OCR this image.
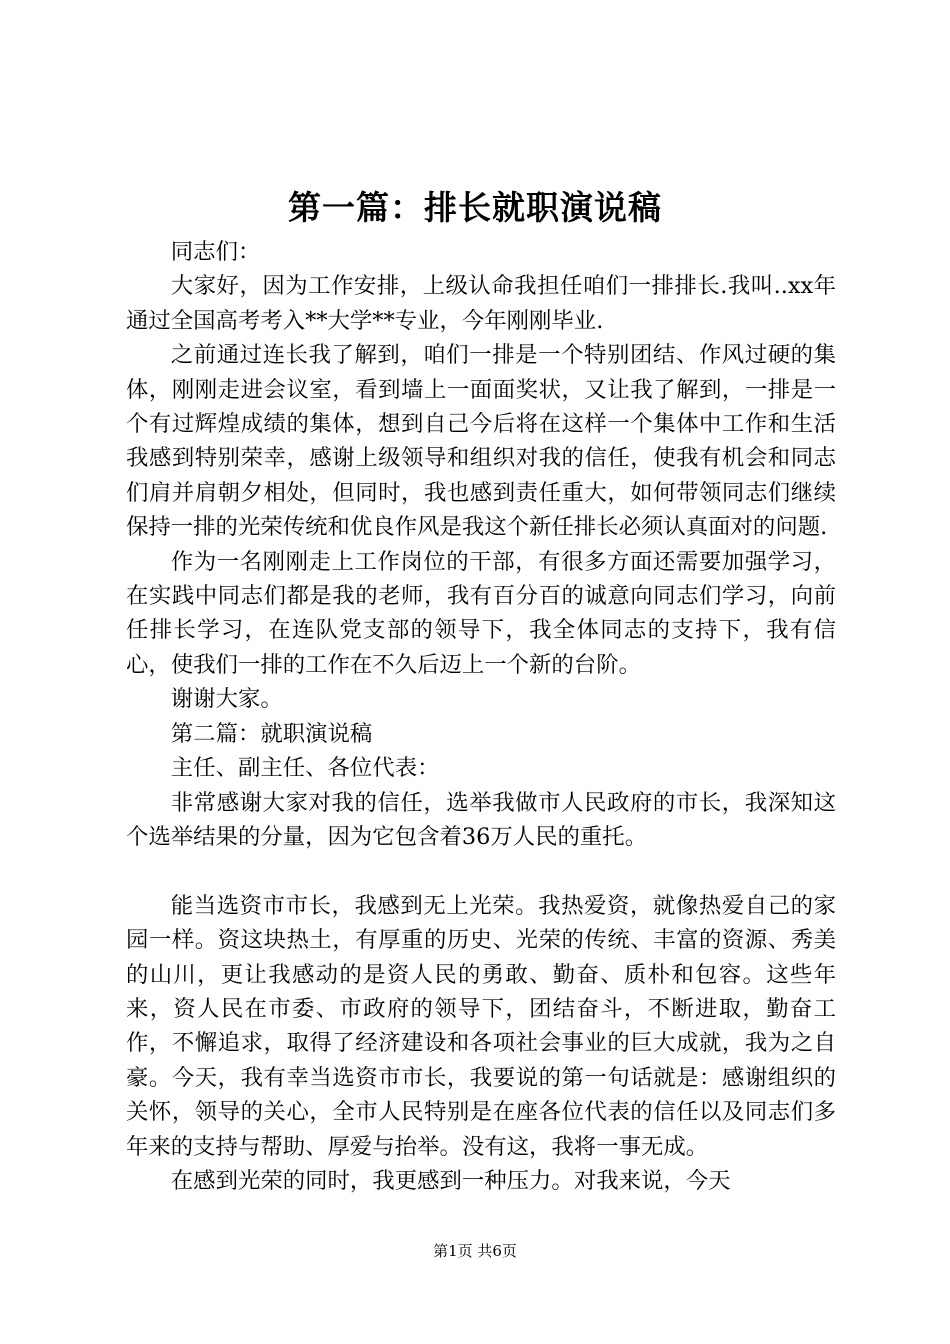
第一篇：排长就职演说稿

同志们：

大家好，因为工作安排，上级认命我担任咱们一排排长.我叫..xx年通过全国高考考入**大学**专业，今年刚刚毕业.

之前通过连长我了解到，咱们一排是一个特别团结、作风过硬的集体，刚刚走进会议室，看到墙上一面面奖状，又让我了解到，一排是一个有过辉煌成绩的集体，想到自己今后将在这样一个集体中工作和生活我感到特别荣幸，感谢上级领导和组织对我的信任，使我有机会和同志们肩并肩朝夕相处，但同时，我也感到责任重大，如何带领同志们继续保持一排的光荣传统和优良作风是我这个新任排长必须认真面对的问题.

作为一名刚刚走上工作岗位的干部，有很多方面还需要加强学习，在实践中同志们都是我的老师，我有百分百的诚意向同志们学习，向前任排长学习，在连队党支部的领导下，我全体同志的支持下，我有信心，使我们一排的工作在不久后迈上一个新的台阶。

谢谢大家。

第二篇：就职演说稿

主任、副主任、各位代表：

非常感谢大家对我的信任，选举我做市人民政府的市长，我深知这个选举结果的分量，因为它包含着36万人民的重托。

能当选资市市长，我感到无上光荣。我热爱资，就像热爱自己的家园一样。资这块热土，有厚重的历史、光荣的传统、丰富的资源、秀美的山川，更让我感动的是资人民的勇敢、勤奋、质朴和包容。这些年来，资人民在市委、市政府的领导下，团结奋斗，不断进取，勤奋工作，不懈追求，取得了经济建设和各项社会事业的巨大成就，我为之自豪。今天，我有幸当选资市市长，我要说的第一句话就是：感谢组织的关怀，领导的关心，全市人民特别是在座各位代表的信任以及同志们多年来的支持与帮助、厚爱与抬举。没有这，我将一事无成。

在感到光荣的同时，我更感到一种压力。对我来说，今天

第1页 共6页
